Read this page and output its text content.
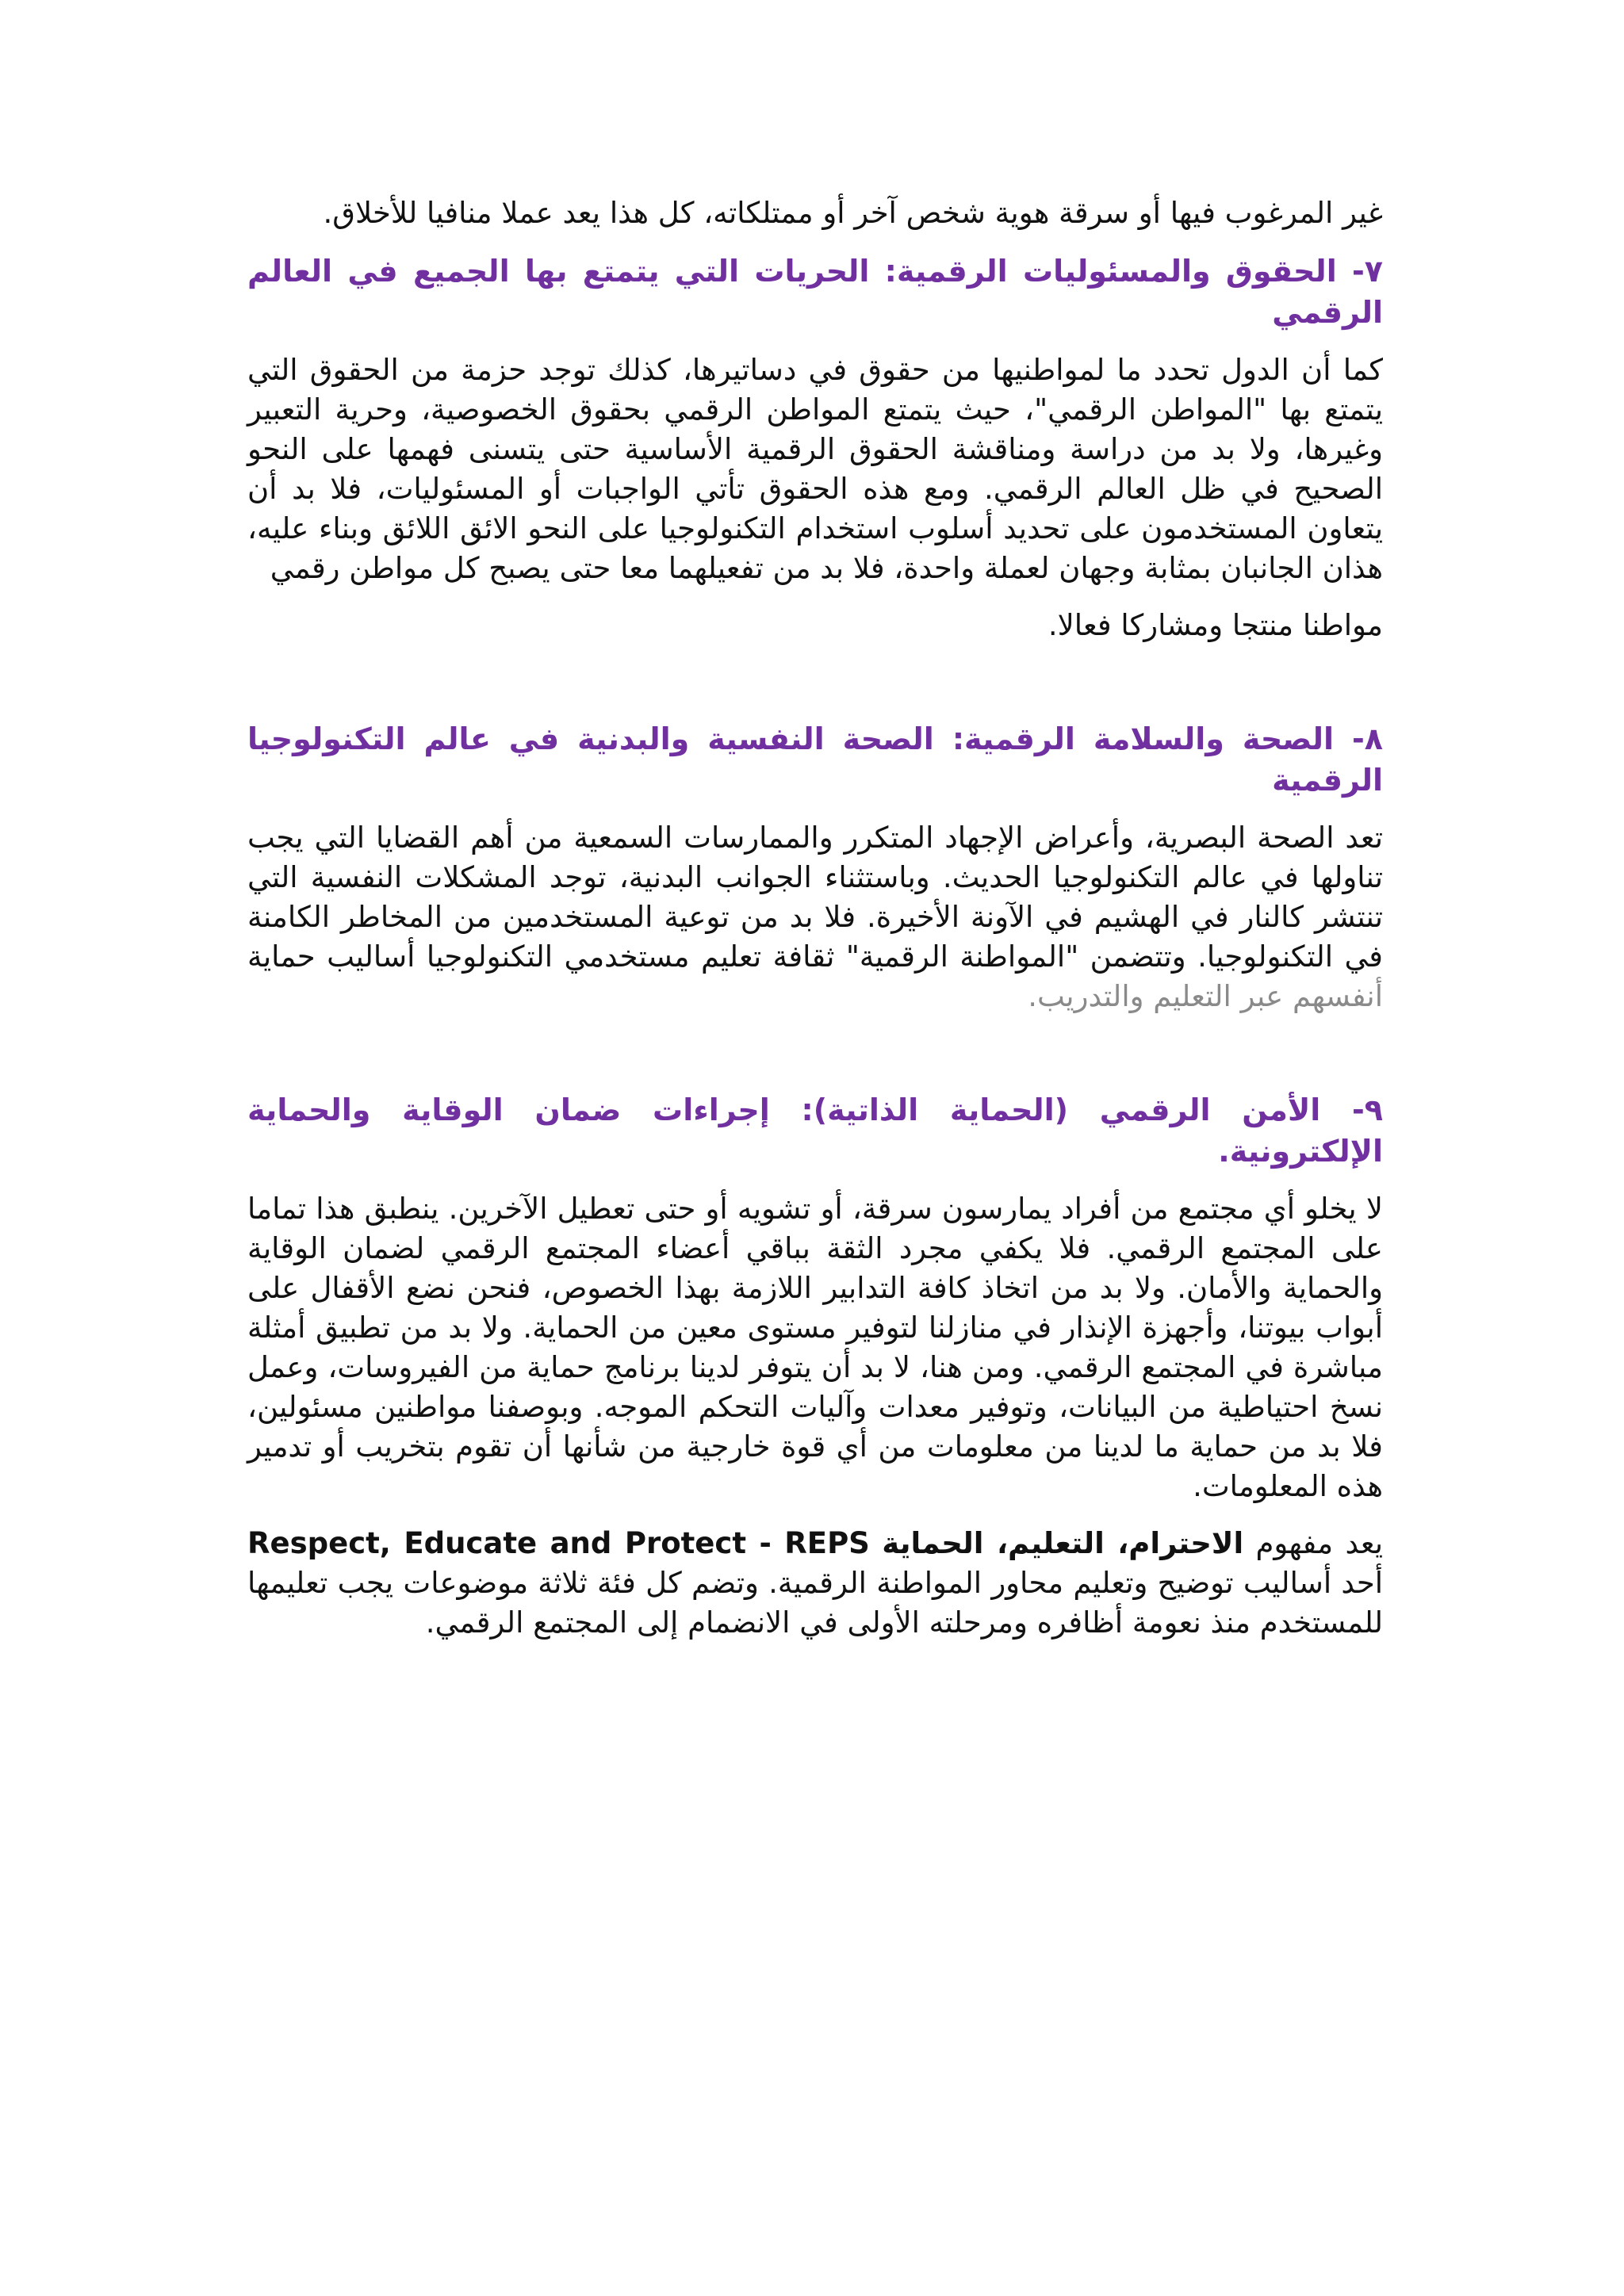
غير المرغوب فيها أو سرقة هوية شخص آخر أو ممتلكاته، كل هذا يعد عملا منافيا للأخلاق.

٧- الحقوق والمسئوليات الرقمية: الحريات التي يتمتع بها الجميع في العالم الرقمي

كما أن الدول تحدد ما لمواطنيها من حقوق في دساتيرها، كذلك توجد حزمة من الحقوق التي يتمتع بها "المواطن الرقمي"، حيث يتمتع المواطن الرقمي بحقوق الخصوصية، وحرية التعبير وغيرها، ولا بد من دراسة ومناقشة الحقوق الرقمية الأساسية حتى يتسنى فهمها على النحو الصحيح في ظل العالم الرقمي. ومع هذه الحقوق تأتي الواجبات أو المسئوليات، فلا بد أن يتعاون المستخدمون على تحديد أسلوب استخدام التكنولوجيا على النحو الائق اللائق وبناء عليه، هذان الجانبان بمثابة وجهان لعملة واحدة، فلا بد من تفعيلهما معا حتى يصبح كل مواطن رقمي

مواطنا منتجا ومشاركا فعالا.

٨- الصحة والسلامة الرقمية: الصحة النفسية والبدنية في عالم التكنولوجيا الرقمية

تعد الصحة البصرية، وأعراض الإجهاد المتكرر والممارسات السمعية من أهم القضايا التي يجب تناولها في عالم التكنولوجيا الحديث. وباستثناء الجوانب البدنية، توجد المشكلات النفسية التي تنتشر كالنار في الهشيم في الآونة الأخيرة. فلا بد من توعية المستخدمين من المخاطر الكامنة في التكنولوجيا. وتتضمن "المواطنة الرقمية" ثقافة تعليم مستخدمي التكنولوجيا أساليب حماية أنفسهم عبر التعليم والتدريب.

٩- الأمن الرقمي (الحماية الذاتية): إجراءات ضمان الوقاية والحماية الإلكترونية.

لا يخلو أي مجتمع من أفراد يمارسون سرقة، أو تشويه أو حتى تعطيل الآخرين. ينطبق هذا تماما على المجتمع الرقمي. فلا يكفي مجرد الثقة بباقي أعضاء المجتمع الرقمي لضمان الوقاية والحماية والأمان. ولا بد من اتخاذ كافة التدابير اللازمة بهذا الخصوص، فنحن نضع الأقفال على أبواب بيوتنا، وأجهزة الإنذار في منازلنا لتوفير مستوى معين من الحماية. ولا بد من تطبيق أمثلة مباشرة في المجتمع الرقمي. ومن هنا، لا بد أن يتوفر لدينا برنامج حماية من الفيروسات، وعمل نسخ احتياطية من البيانات، وتوفير معدات وآليات التحكم الموجه. وبوصفنا مواطنين مسئولين، فلا بد من حماية ما لدينا من معلومات من أي قوة خارجية من شأنها أن تقوم بتخريب أو تدمير هذه المعلومات.

يعد مفهوم الاحترام، التعليم، الحماية Respect, Educate and Protect - REPS أحد أساليب توضيح وتعليم محاور المواطنة الرقمية. وتضم كل فئة ثلاثة موضوعات يجب تعليمها للمستخدم منذ نعومة أظافره ومرحلته الأولى في الانضمام إلى المجتمع الرقمي.
